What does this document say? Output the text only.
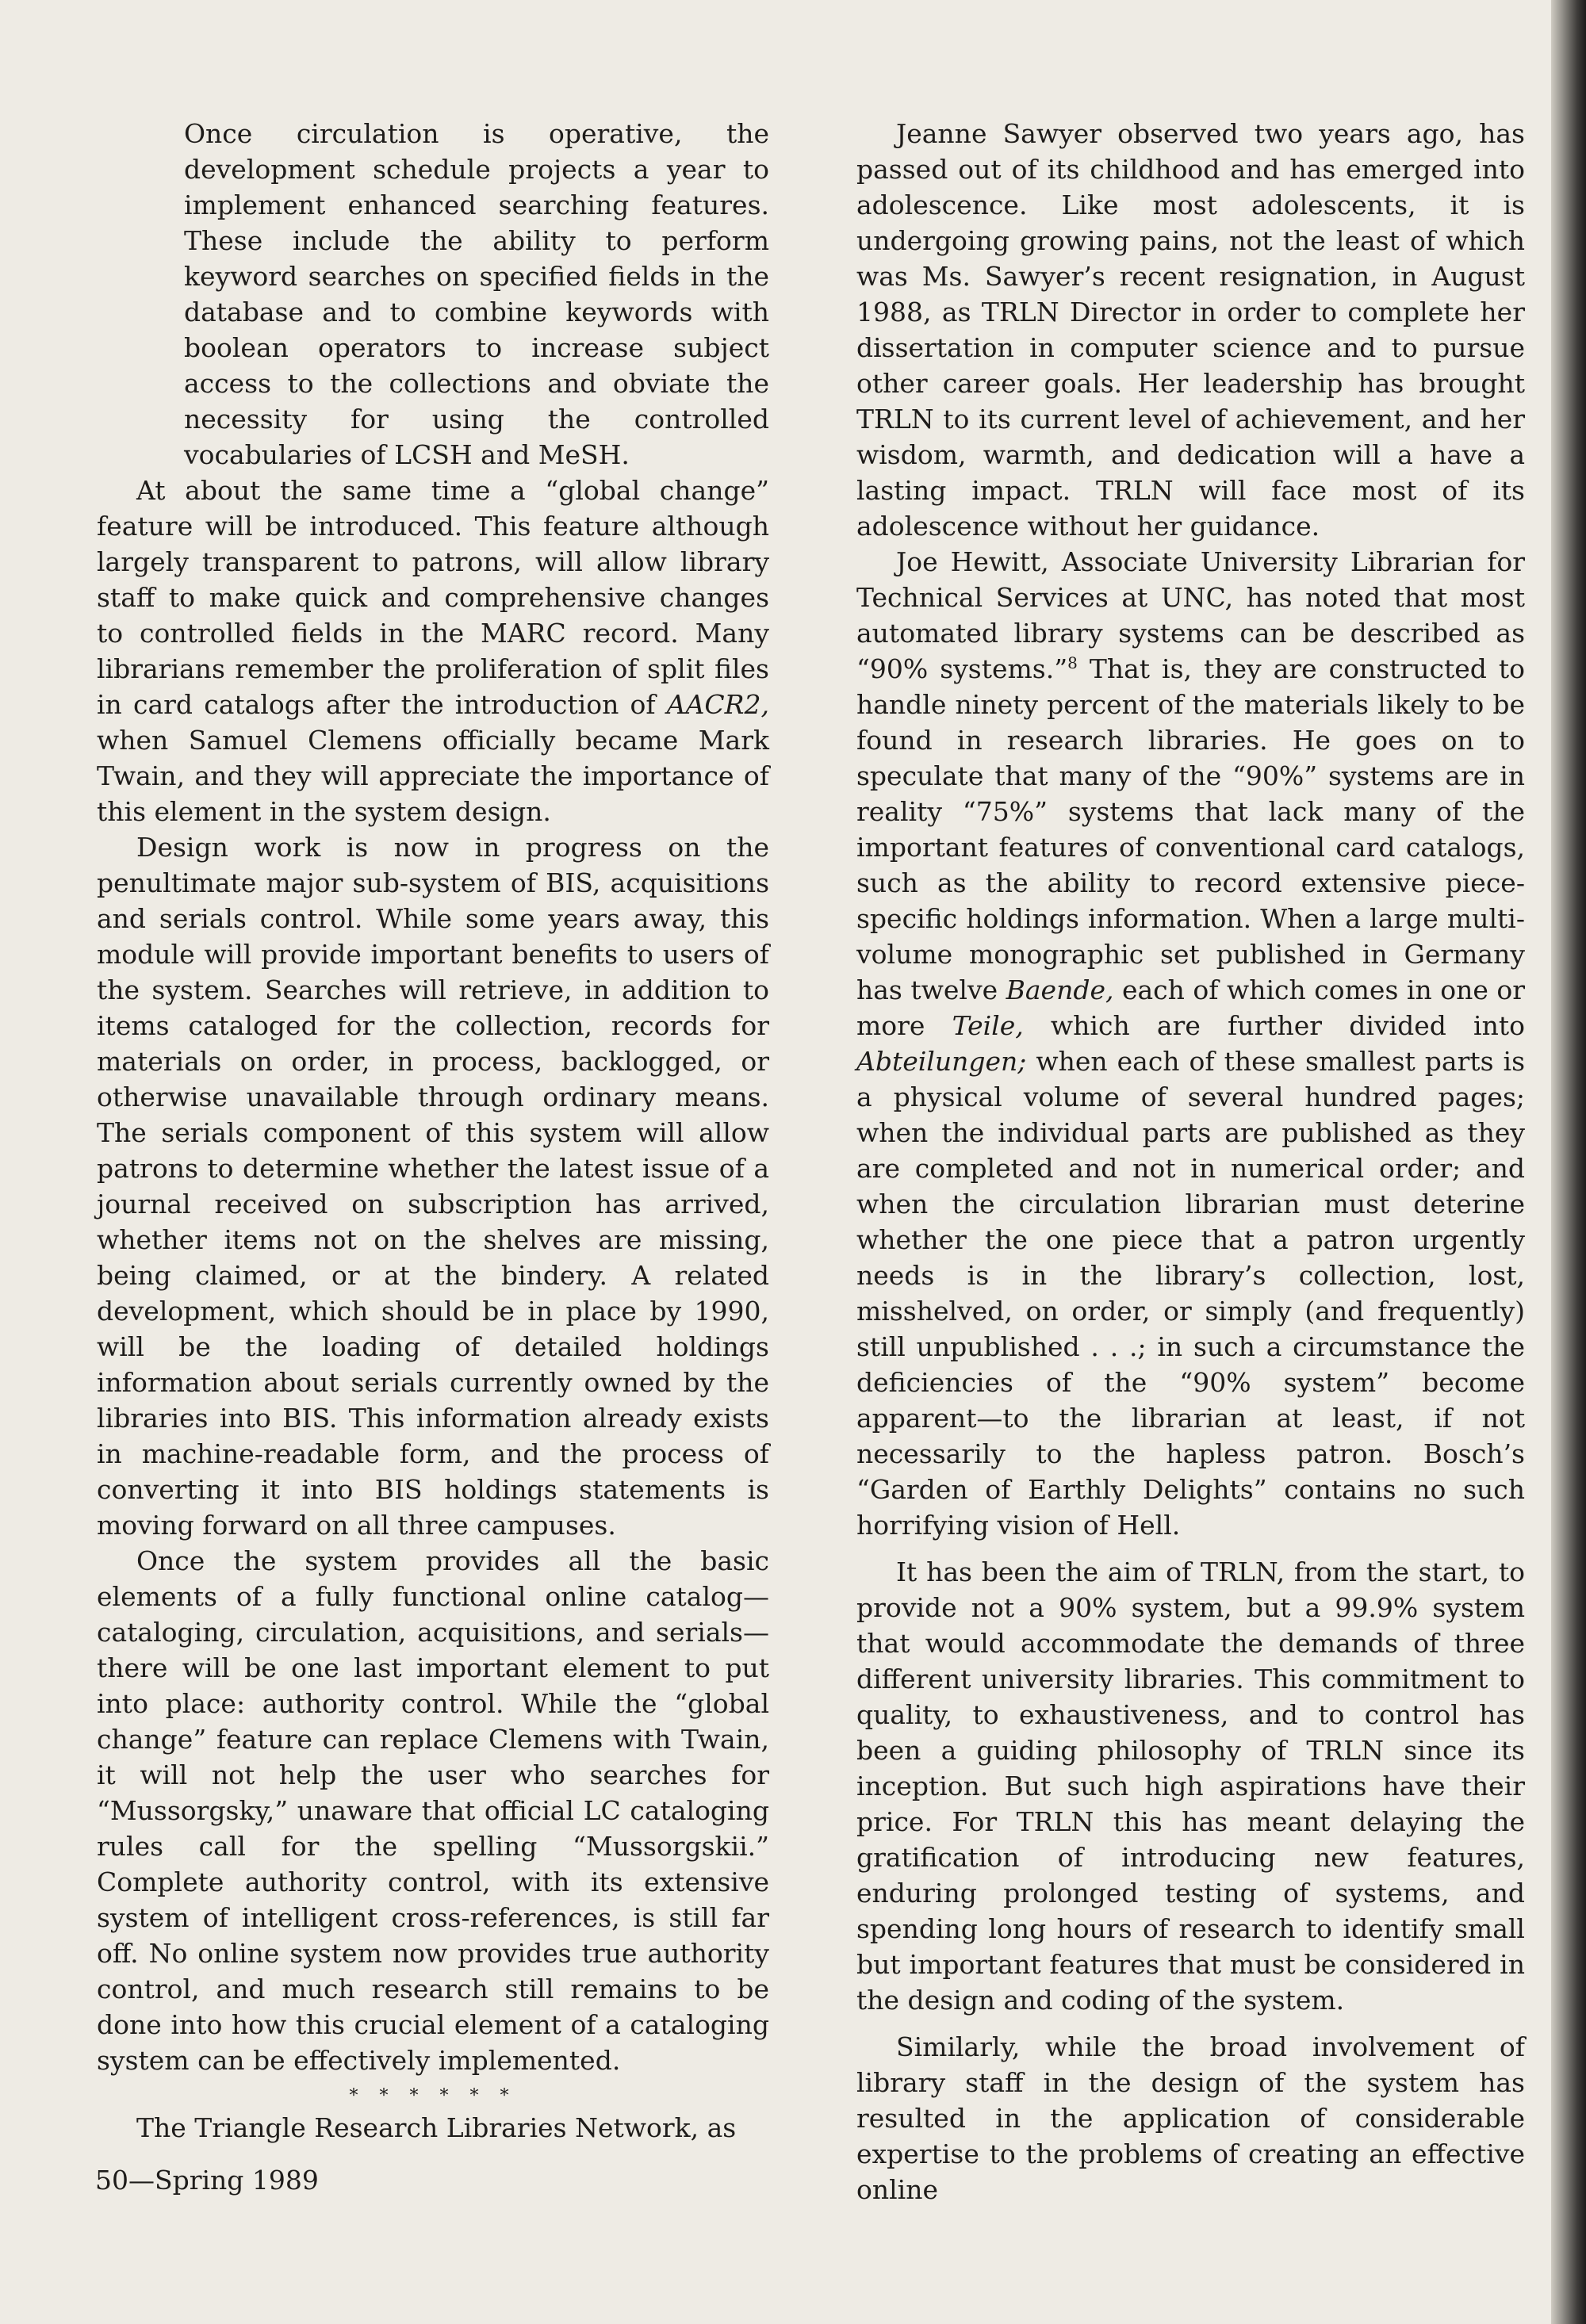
Once circulation is operative, the development schedule projects a year to implement enhanced searching features. These include the ability to perform keyword searches on specified fields in the database and to combine keywords with boolean operators to increase subject access to the collections and obviate the necessity for using the controlled vocabularies of LCSH and MeSH.

At about the same time a “global change” feature will be introduced. This feature although largely transparent to patrons, will allow library staff to make quick and comprehensive changes to controlled fields in the MARC record. Many librarians remember the proliferation of split files in card catalogs after the introduction of AACR2, when Samuel Clemens officially became Mark Twain, and they will appreciate the importance of this element in the system design.

Design work is now in progress on the penultimate major sub-system of BIS, acquisitions and serials control. While some years away, this module will provide important benefits to users of the system. Searches will retrieve, in addition to items cataloged for the collection, records for materials on order, in process, backlogged, or otherwise unavailable through ordinary means. The serials component of this system will allow patrons to determine whether the latest issue of a journal received on subscription has arrived, whether items not on the shelves are missing, being claimed, or at the bindery. A related development, which should be in place by 1990, will be the loading of detailed holdings information about serials currently owned by the libraries into BIS. This information already exists in machine-readable form, and the process of converting it into BIS holdings statements is moving forward on all three campuses.

Once the system provides all the basic elements of a fully functional online catalog—cataloging, circulation, acquisitions, and serials—there will be one last important element to put into place: authority control. While the “global change” feature can replace Clemens with Twain, it will not help the user who searches for “Mussorgsky,” unaware that official LC cataloging rules call for the spelling “Mussorgskii.” Complete authority control, with its extensive system of intelligent cross-references, is still far off. No online system now provides true authority control, and much research still remains to be done into how this crucial element of a cataloging system can be effectively implemented.

* * * * * *

The Triangle Research Libraries Network, as

Jeanne Sawyer observed two years ago, has passed out of its childhood and has emerged into adolescence. Like most adolescents, it is undergoing growing pains, not the least of which was Ms. Sawyer’s recent resignation, in August 1988, as TRLN Director in order to complete her dissertation in computer science and to pursue other career goals. Her leadership has brought TRLN to its current level of achievement, and her wisdom, warmth, and dedication will a have a lasting impact. TRLN will face most of its adolescence without her guidance.

Joe Hewitt, Associate University Librarian for Technical Services at UNC, has noted that most automated library systems can be described as “90% systems.”$^8$ That is, they are constructed to handle ninety percent of the materials likely to be found in research libraries. He goes on to speculate that many of the “90%” systems are in reality “75%” systems that lack many of the important features of conventional card catalogs, such as the ability to record extensive piece-specific holdings information. When a large multi-volume monographic set published in Germany has twelve Baende, each of which comes in one or more Teile, which are further divided into Abteilungen; when each of these smallest parts is a physical volume of several hundred pages; when the individual parts are published as they are completed and not in numerical order; and when the circulation librarian must deterine whether the one piece that a patron urgently needs is in the library’s collection, lost, misshelved, on order, or simply (and frequently) still unpublished . . .; in such a circumstance the deficiencies of the “90% system” become apparent—to the librarian at least, if not necessarily to the hapless patron. Bosch’s “Garden of Earthly Delights” contains no such horrifying vision of Hell.

It has been the aim of TRLN, from the start, to provide not a 90% system, but a 99.9% system that would accommodate the demands of three different university libraries. This commitment to quality, to exhaustiveness, and to control has been a guiding philosophy of TRLN since its inception. But such high aspirations have their price. For TRLN this has meant delaying the gratification of introducing new features, enduring prolonged testing of systems, and spending long hours of research to identify small but important features that must be considered in the design and coding of the system.

Similarly, while the broad involvement of library staff in the design of the system has resulted in the application of considerable expertise to the problems of creating an effective online

50—Spring 1989
